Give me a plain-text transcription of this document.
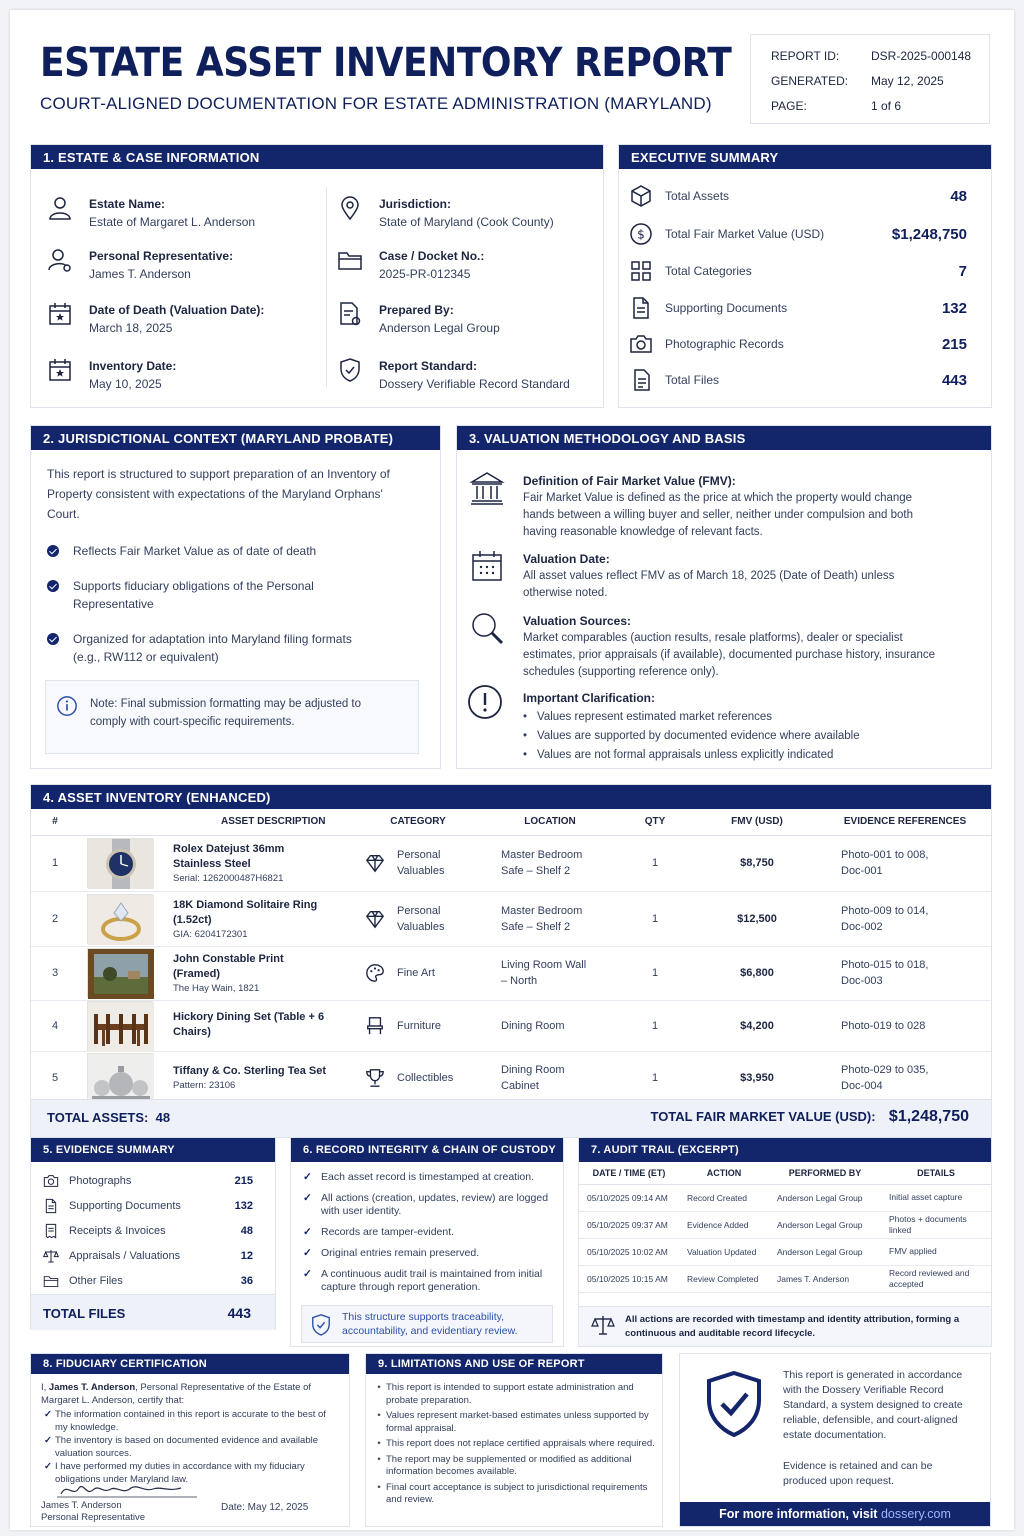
ESTATE ASSET INVENTORY REPORT
COURT-ALIGNED DOCUMENTATION FOR ESTATE ADMINISTRATION (MARYLAND)
REPORT ID:	DSR-2025-000148
GENERATED:	May 12, 2025
PAGE:	1 of 6
1. ESTATE & CASE INFORMATION
Estate Name:
Estate of Margaret L. Anderson
Personal Representative:
James T. Anderson
Date of Death (Valuation Date):
March 18, 2025
Inventory Date:
May 10, 2025
Jurisdiction:
State of Maryland (Cook County)
Case / Docket No.:
2025-PR-012345
Prepared By:
Anderson Legal Group
Report Standard:
Dossery Verifiable Record Standard
EXECUTIVE SUMMARY
Total Assets	48
$ Total Fair Market Value (USD)	$1,248,750
Total Categories	7
Supporting Documents	132
Photographic Records	215
Total Files	443
2. JURISDICTIONAL CONTEXT (MARYLAND PROBATE)
This report is structured to support preparation of an Inventory of Property consistent with expectations of the Maryland Orphans' Court.
Reflects Fair Market Value as of date of death
Supports fiduciary obligations of the Personal Representative
Organized for adaptation into Maryland filing formats (e.g., RW112 or equivalent)
Note: Final submission formatting may be adjusted to comply with court-specific requirements.
3. VALUATION METHODOLOGY AND BASIS
Definition of Fair Market Value (FMV):
Fair Market Value is defined as the price at which the property would change hands between a willing buyer and seller, neither under compulsion and both having reasonable knowledge of relevant facts.
Valuation Date:
All asset values reflect FMV as of March 18, 2025 (Date of Death) unless otherwise noted.
Valuation Sources:
Market comparables (auction results, resale platforms), dealer or specialist estimates, prior appraisals (if available), documented purchase history, insurance schedules (supporting reference only).
Important Clarification:
• Values represent estimated market references
• Values are supported by documented evidence where available
• Values are not formal appraisals unless explicitly indicated
4. ASSET INVENTORY (ENHANCED)
#	ASSET DESCRIPTION	CATEGORY	LOCATION	QTY	FMV (USD)	EVIDENCE REFERENCES
1	Rolex Datejust 36mm Stainless Steel
Serial: 1262000487H6821	Personal Valuables	Master Bedroom Safe – Shelf 2	1	$8,750	Photo-001 to 008, Doc-001
2	18K Diamond Solitaire Ring (1.52ct)
GIA: 6204172301	Personal Valuables	Master Bedroom Safe – Shelf 2	1	$12,500	Photo-009 to 014, Doc-002
3	John Constable Print (Framed)
The Hay Wain, 1821	Fine Art	Living Room Wall – North	1	$6,800	Photo-015 to 018, Doc-003
4	Hickory Dining Set (Table + 6 Chairs)	Furniture	Dining Room	1	$4,200	Photo-019 to 028
5	Tiffany & Co. Sterling Tea Set
Pattern: 23106	Collectibles	Dining Room Cabinet	1	$3,950	Photo-029 to 035, Doc-004
TOTAL ASSETS: 48	TOTAL FAIR MARKET VALUE (USD): $1,248,750
5. EVIDENCE SUMMARY
Photographs	215
Supporting Documents	132
Receipts & Invoices	48
Appraisals / Valuations	12
Other Files	36
TOTAL FILES	443
6. RECORD INTEGRITY & CHAIN OF CUSTODY
✓ Each asset record is timestamped at creation.
✓ All actions (creation, updates, review) are logged with user identity.
✓ Records are tamper-evident.
✓ Original entries remain preserved.
✓ A continuous audit trail is maintained from initial capture through report generation.
This structure supports traceability, accountability, and evidentiary review.
7. AUDIT TRAIL (EXCERPT)
DATE / TIME (ET)	ACTION	PERFORMED BY	DETAILS
05/10/2025 09:14 AM	Record Created	Anderson Legal Group	Initial asset capture
05/10/2025 09:37 AM	Evidence Added	Anderson Legal Group	Photos + documents linked
05/10/2025 10:02 AM	Valuation Updated	Anderson Legal Group	FMV applied
05/10/2025 10:15 AM	Review Completed	James T. Anderson	Record reviewed and accepted
All actions are recorded with timestamp and identity attribution, forming a continuous and auditable record lifecycle.
8. FIDUCIARY CERTIFICATION
I, James T. Anderson, Personal Representative of the Estate of Margaret L. Anderson, certify that:
✓ The information contained in this report is accurate to the best of my knowledge.
✓ The inventory is based on documented evidence and available valuation sources.
✓ I have performed my duties in accordance with my fiduciary obligations under Maryland law.
James T. Anderson
Personal Representative
Date: May 12, 2025
9. LIMITATIONS AND USE OF REPORT
• This report is intended to support estate administration and probate preparation.
• Values represent market-based estimates unless supported by formal appraisal.
• This report does not replace certified appraisals where required.
• The report may be supplemented or modified as additional information becomes available.
• Final court acceptance is subject to jurisdictional requirements and review.
This report is generated in accordance with the Dossery Verifiable Record Standard, a system designed to create reliable, defensible, and court-aligned estate documentation.
Evidence is retained and can be produced upon request.
For more information, visit
dossery.com
